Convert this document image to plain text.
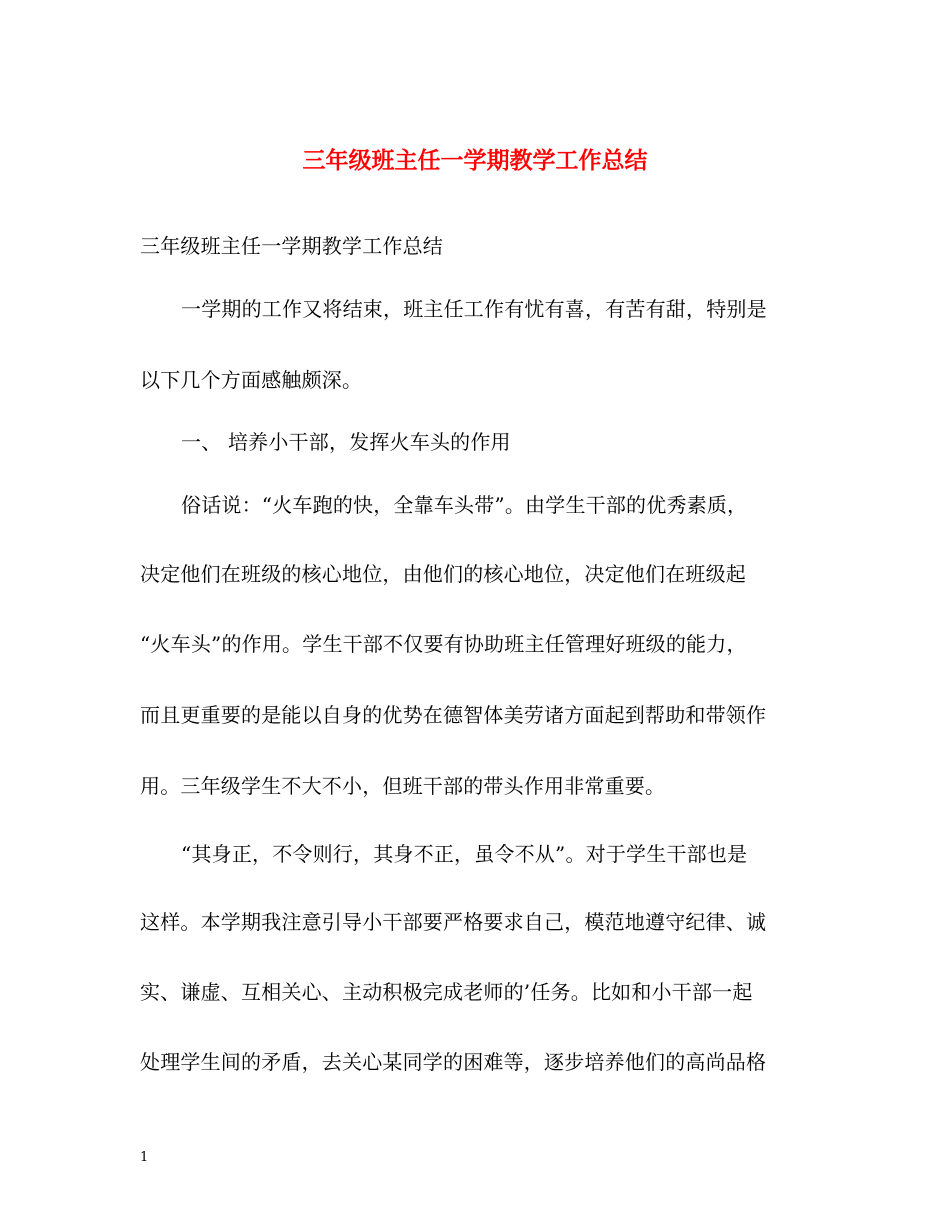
三年级班主任一学期教学工作总结
三年级班主任一学期教学工作总结
一学期的工作又将结束，班主任工作有忧有喜，有苦有甜，特别是
以下几个方面感触颇深。
一、 培养小干部，发挥火车头的作用
俗话说：“火车跑的快，全靠车头带”。由学生干部的优秀素质，
决定他们在班级的核心地位，由他们的核心地位，决定他们在班级起
“火车头”的作用。学生干部不仅要有协助班主任管理好班级的能力，
而且更重要的是能以自身的优势在德智体美劳诸方面起到帮助和带领作
用。三年级学生不大不小，但班干部的带头作用非常重要。
“其身正，不令则行，其身不正，虽令不从”。对于学生干部也是
这样。本学期我注意引导小干部要严格要求自己，模范地遵守纪律、诚
实、谦虚、互相关心、主动积极完成老师的’任务。比如和小干部一起
处理学生间的矛盾，去关心某同学的困难等，逐步培养他们的高尚品格
1
